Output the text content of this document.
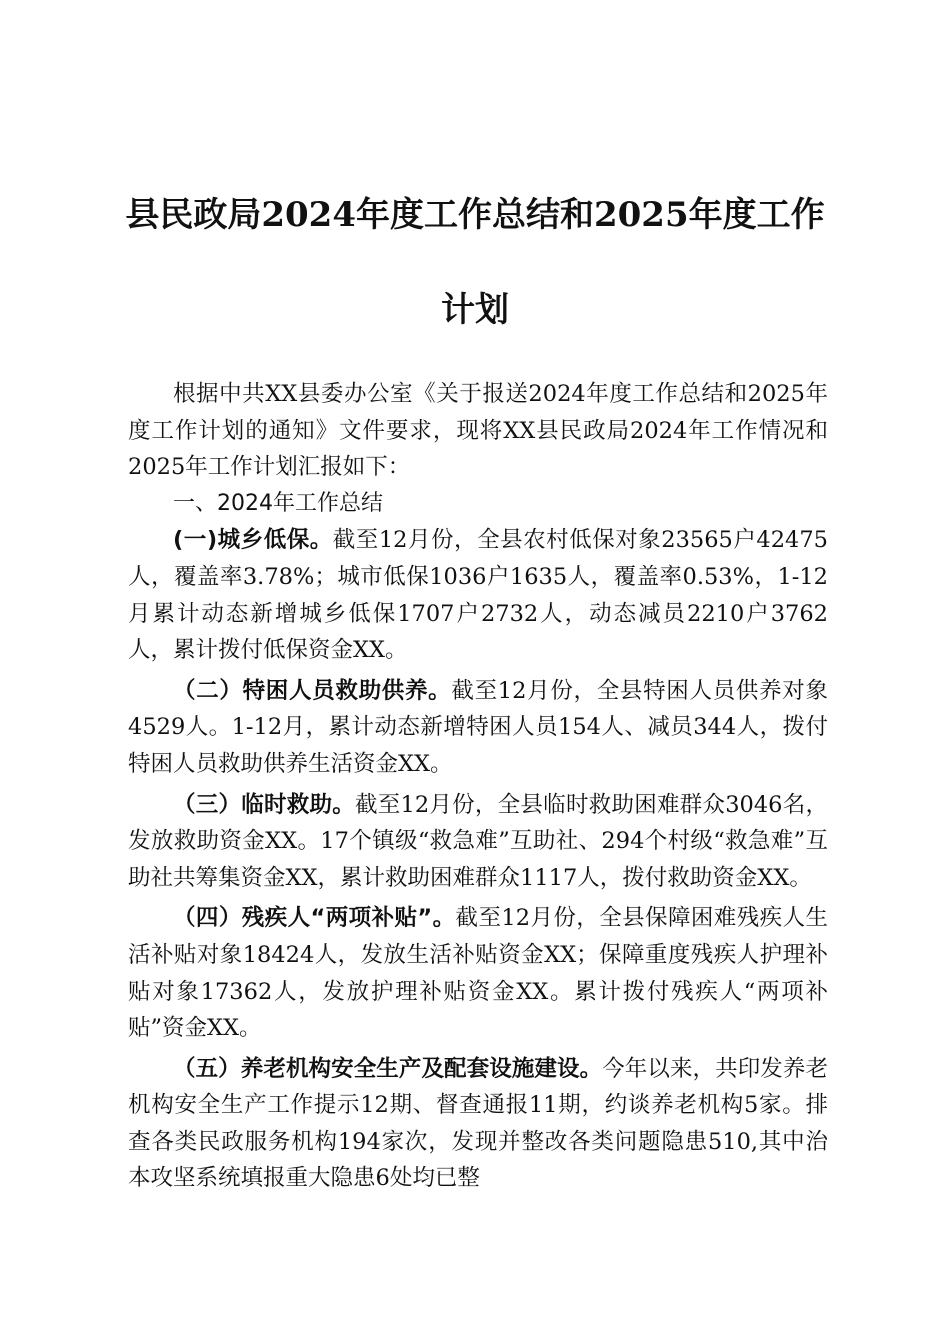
县民政局2024年度工作总结和2025年度工作
计划

根据中共XX县委办公室《关于报送2024年度工作总结和2025年度工作计划的通知》文件要求，现将XX县民政局2024年工作情况和2025年工作计划汇报如下：

一、2024年工作总结

(一)城乡低保。截至12月份，全县农村低保对象23565户42475人，覆盖率3.78%；城市低保1036户1635人，覆盖率0.53%，1-12月累计动态新增城乡低保1707户2732人，动态减员2210户3762人，累计拨付低保资金XX。

（二）特困人员救助供养。截至12月份，全县特困人员供养对象4529人。1-12月，累计动态新增特困人员154人、减员344人，拨付特困人员救助供养生活资金XX。

（三）临时救助。截至12月份，全县临时救助困难群众3046名，发放救助资金XX。17个镇级“救急难”互助社、294个村级“救急难”互助社共筹集资金XX，累计救助困难群众1117人，拨付救助资金XX。

（四）残疾人“两项补贴”。截至12月份，全县保障困难残疾人生活补贴对象18424人，发放生活补贴资金XX；保障重度残疾人护理补贴对象17362人，发放护理补贴资金XX。累计拨付残疾人“两项补贴”资金XX。

（五）养老机构安全生产及配套设施建设。今年以来，共印发养老机构安全生产工作提示12期、督查通报11期，约谈养老机构5家。排查各类民政服务机构194家次，发现并整改各类问题隐患510,其中治本攻坚系统填报重大隐患6处均已整
